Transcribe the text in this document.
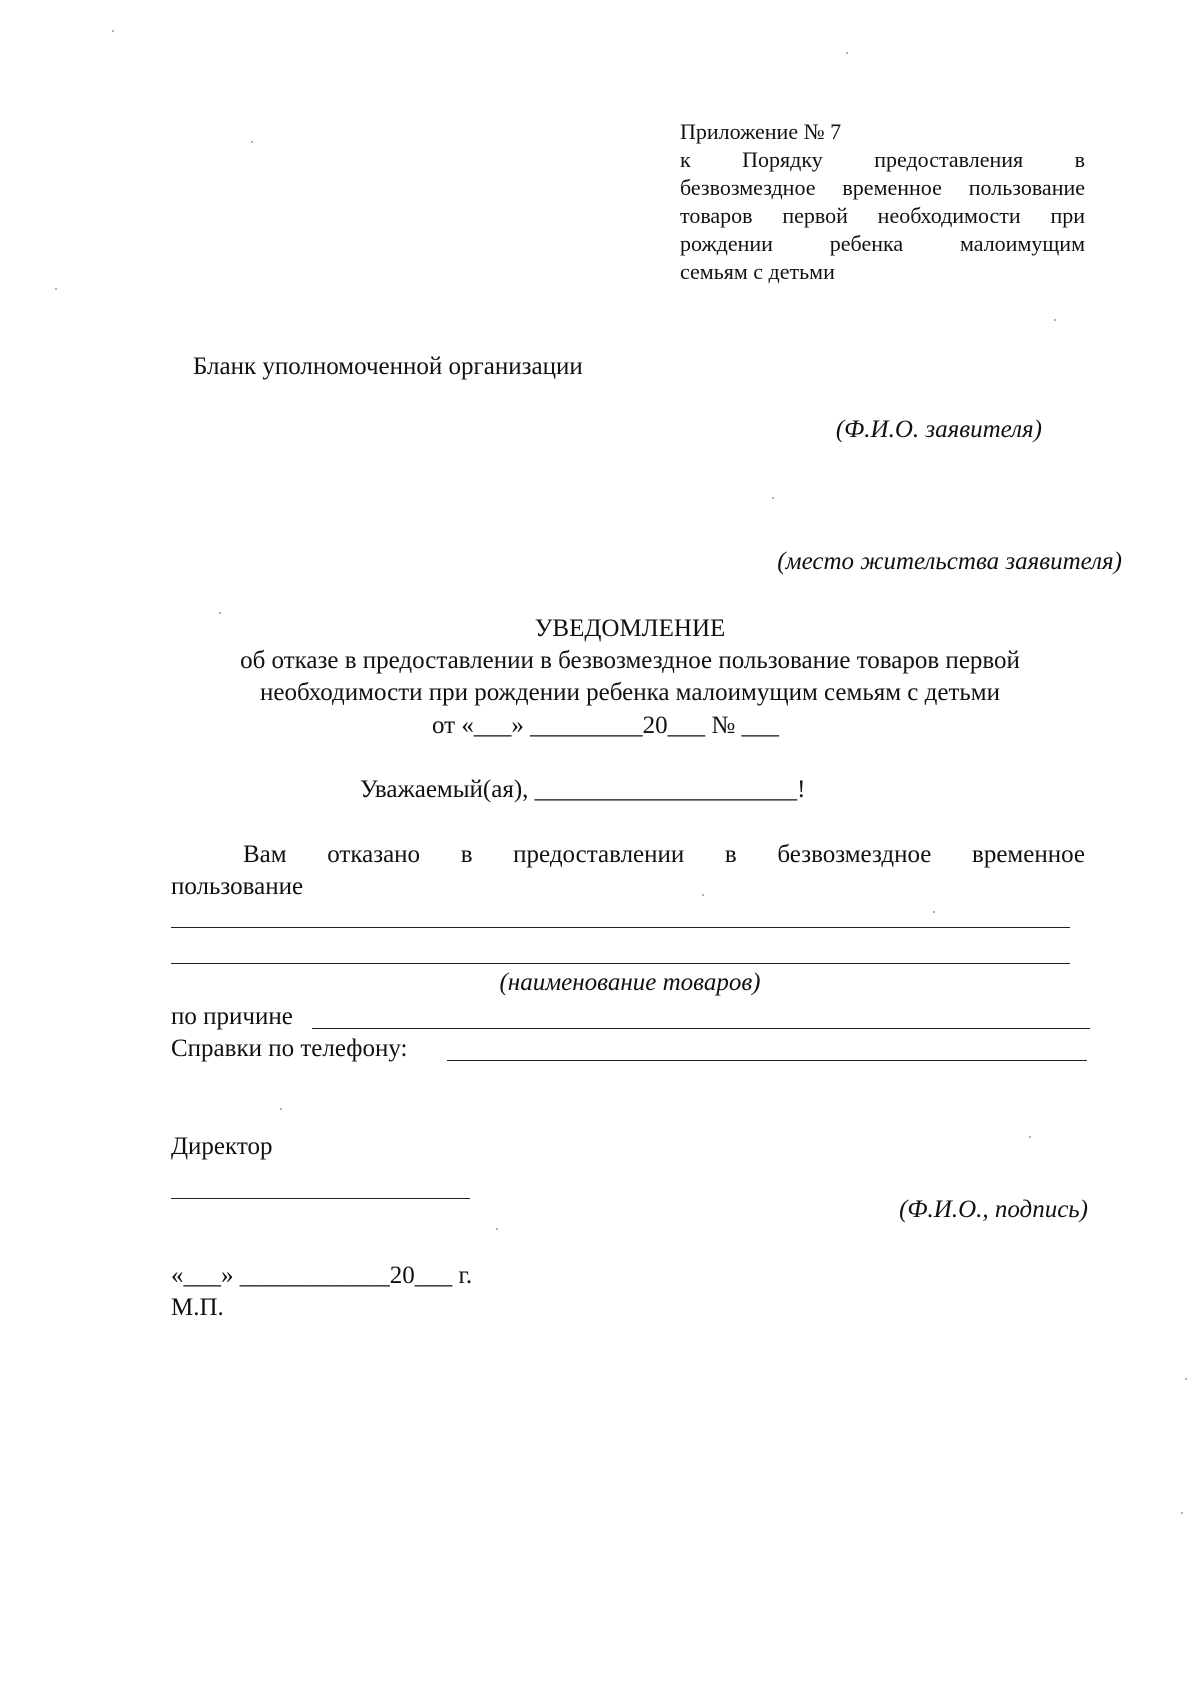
Приложение № 7
к Порядку предоставления в
безвозмездное временное пользование
товаров первой необходимости при
рождении ребенка малоимущим
семьям с детьми
Бланк уполномоченной организации
(Ф.И.О. заявителя)
(место жительства заявителя)
УВЕДОМЛЕНИЕ
об отказе в предоставлении в безвозмездное пользование товаров первой
необходимости при рождении ребенка малоимущим семьям с детьми
от «___» _________20___ № ___
Уважаемый(ая), _____________________!
Вам отказано в предоставлении в безвозмездное временное
пользование
(наименование товаров)
по причине
Справки по телефону:
Директор
(Ф.И.О., подпись)
«___» ____________20___ г.
М.П.
